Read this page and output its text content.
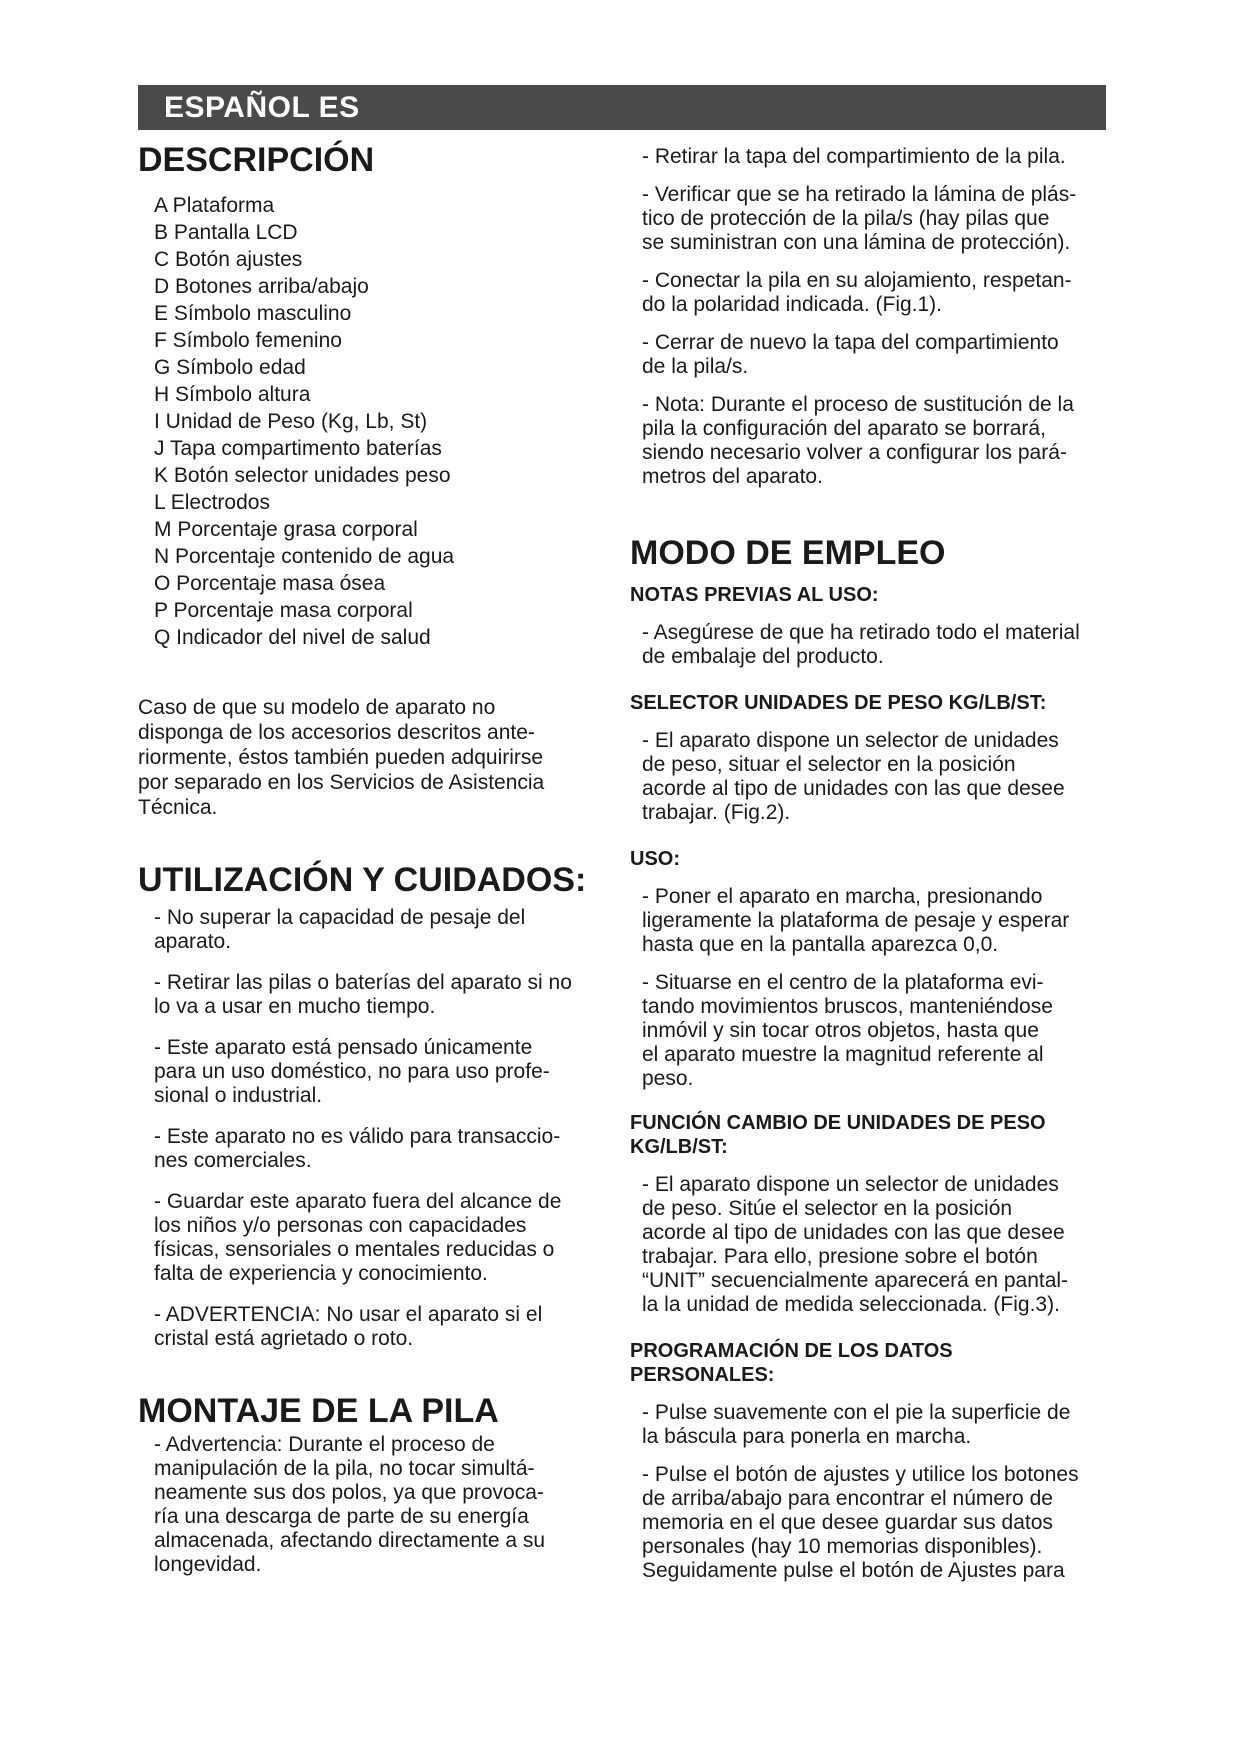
ESPAÑOL ES
DESCRIPCIÓN
A Plataforma
B Pantalla LCD
C Botón ajustes
D Botones arriba/abajo
E Símbolo masculino
F Símbolo femenino
G Símbolo edad
H Símbolo altura
I Unidad de Peso (Kg, Lb, St)
J Tapa compartimento baterías
K Botón selector unidades peso
L Electrodos
M Porcentaje grasa corporal
N Porcentaje contenido de agua
O Porcentaje masa ósea
P Porcentaje masa corporal
Q Indicador del nivel de salud

Caso de que su modelo de aparato no
disponga de los accesorios descritos ante-
riormente, éstos también pueden adquirirse
por separado en los Servicios de Asistencia
Técnica.

UTILIZACIÓN Y CUIDADOS:

- No superar la capacidad de pesaje del
aparato.

- Retirar las pilas o baterías del aparato si no
lo va a usar en mucho tiempo.

- Este aparato está pensado únicamente
para un uso doméstico, no para uso profe-
sional o industrial.

- Este aparato no es válido para transaccio-
nes comerciales.

- Guardar este aparato fuera del alcance de
los niños y/o personas con capacidades
físicas, sensoriales o mentales reducidas o
falta de experiencia y conocimiento.

- ADVERTENCIA: No usar el aparato si el
cristal está agrietado o roto.

MONTAJE DE LA PILA

- Advertencia: Durante el proceso de
manipulación de la pila, no tocar simultá-
neamente sus dos polos, ya que provoca-
ría una descarga de parte de su energía
almacenada, afectando directamente a su
longevidad.

- Retirar la tapa del compartimiento de la pila.

- Verificar que se ha retirado la lámina de plás-
tico de protección de la pila/s (hay pilas que
se suministran con una lámina de protección).

- Conectar la pila en su alojamiento, respetan-
do la polaridad indicada. (Fig.1).

- Cerrar de nuevo la tapa del compartimiento
de la pila/s.

- Nota: Durante el proceso de sustitución de la
pila la configuración del aparato se borrará,
siendo necesario volver a configurar los pará-
metros del aparato.

MODO DE EMPLEO
NOTAS PREVIAS AL USO:

- Asegúrese de que ha retirado todo el material
de embalaje del producto.

SELECTOR UNIDADES DE PESO KG/LB/ST:

- El aparato dispone un selector de unidades
de peso, situar el selector en la posición
acorde al tipo de unidades con las que desee
trabajar. (Fig.2).

USO:

- Poner el aparato en marcha, presionando
ligeramente la plataforma de pesaje y esperar
hasta que en la pantalla aparezca 0,0.

- Situarse en el centro de la plataforma evi-
tando movimientos bruscos, manteniéndose
inmóvil y sin tocar otros objetos, hasta que
el aparato muestre la magnitud referente al
peso.

FUNCIÓN CAMBIO DE UNIDADES DE PESO
KG/LB/ST:

- El aparato dispone un selector de unidades
de peso. Sitúe el selector en la posición
acorde al tipo de unidades con las que desee
trabajar. Para ello, presione sobre el botón
“UNIT” secuencialmente aparecerá en pantal-
la la unidad de medida seleccionada. (Fig.3).

PROGRAMACIÓN DE LOS DATOS
PERSONALES:

- Pulse suavemente con el pie la superficie de
la báscula para ponerla en marcha.

- Pulse el botón de ajustes y utilice los botones
de arriba/abajo para encontrar el número de
memoria en el que desee guardar sus datos
personales (hay 10 memorias disponibles).
Seguidamente pulse el botón de Ajustes para
